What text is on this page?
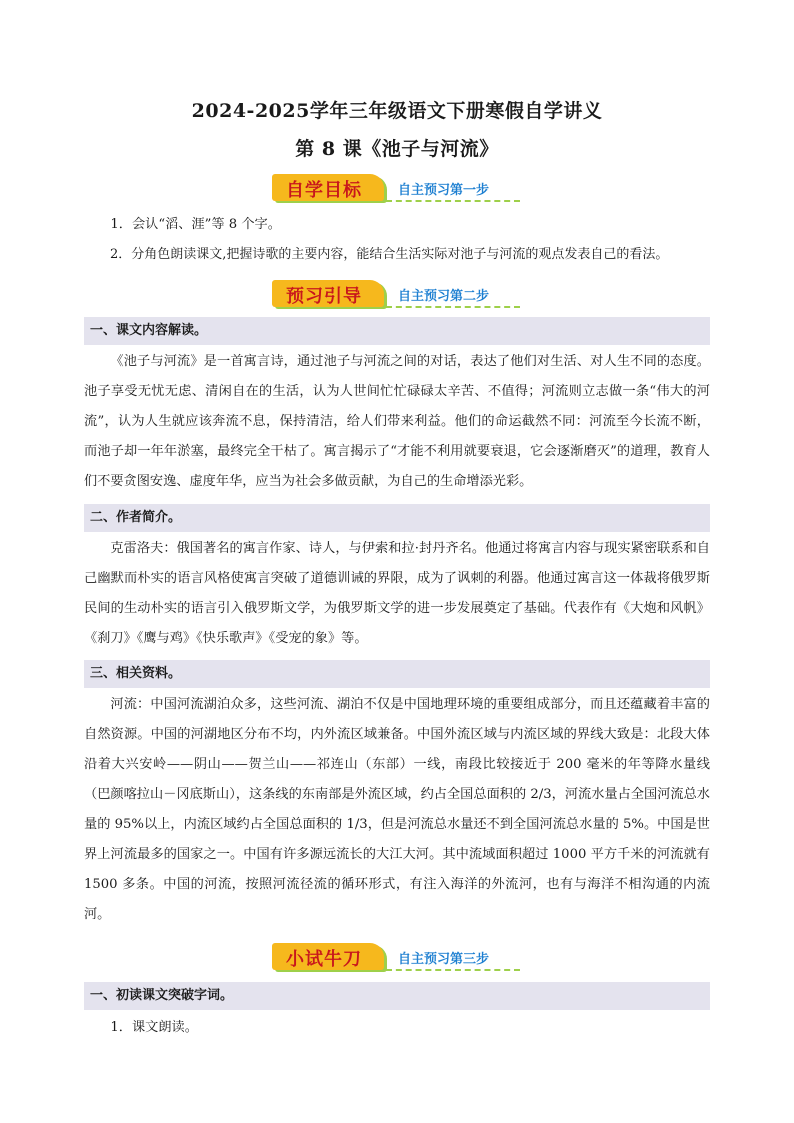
2024-2025学年三年级语文下册寒假自学讲义
第 8 课《池子与河流》
自学目标	自主预习第一步
1．会认“滔、涯”等 8 个字。
2．分角色朗读课文,把握诗歌的主要内容，能结合生活实际对池子与河流的观点发表自己的看法。
预习引导	自主预习第二步
一、课文内容解读。
《池子与河流》是一首寓言诗，通过池子与河流之间的对话，表达了他们对生活、对人生不同的态度。池子享受无忧无虑、清闲自在的生活，认为人世间忙忙碌碌太辛苦、不值得；河流则立志做一条“伟大的河流”，认为人生就应该奔流不息，保持清洁，给人们带来利益。他们的命运截然不同：河流至今长流不断，而池子却一年年淤塞，最终完全干枯了。寓言揭示了“才能不利用就要衰退，它会逐渐磨灭”的道理，教育人们不要贪图安逸、虚度年华，应当为社会多做贡献，为自己的生命增添光彩。
二、作者简介。
克雷洛夫：俄国著名的寓言作家、诗人，与伊索和拉·封丹齐名。他通过将寓言内容与现实紧密联系和自己幽默而朴实的语言风格使寓言突破了道德训诫的界限，成为了讽刺的利器。他通过寓言这一体裁将俄罗斯民间的生动朴实的语言引入俄罗斯文学，为俄罗斯文学的进一步发展奠定了基础。代表作有《大炮和风帆》《刹刀》《鹰与鸡》《快乐歌声》《受宠的象》等。
三、相关资料。
河流：中国河流湖泊众多，这些河流、湖泊不仅是中国地理环境的重要组成部分，而且还蕴藏着丰富的自然资源。中国的河湖地区分布不均，内外流区域兼备。中国外流区域与内流区域的界线大致是：北段大体沿着大兴安岭——阴山——贺兰山——祁连山（东部）一线，南段比较接近于 200 毫米的年等降水量线（巴颜喀拉山－冈底斯山），这条线的东南部是外流区域，约占全国总面积的 2/3，河流水量占全国河流总水量的 95%以上，内流区域约占全国总面积的 1/3，但是河流总水量还不到全国河流总水量的 5%。中国是世界上河流最多的国家之一。中国有许多源远流长的大江大河。其中流域面积超过 1000 平方千米的河流就有 1500 多条。中国的河流，按照河流径流的循环形式，有注入海洋的外流河，也有与海洋不相沟通的内流河。
小试牛刀	自主预习第三步
一、初读课文突破字词。
1．课文朗读。
